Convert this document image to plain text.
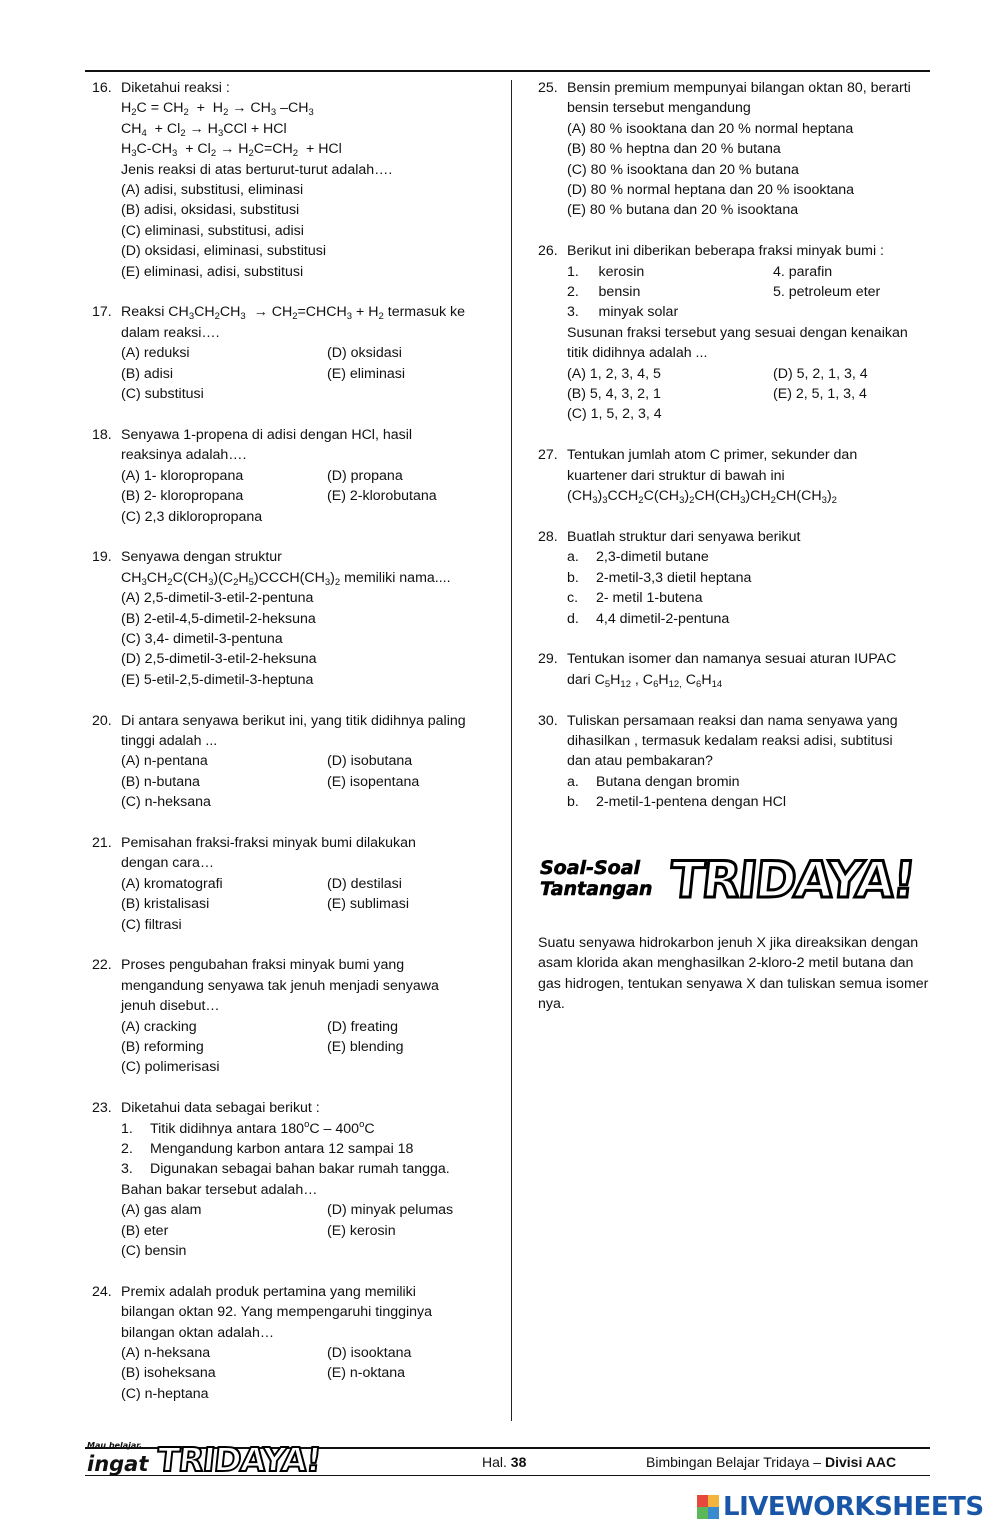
16. Diketahui reaksi :
$H_2C = CH_2 + H_2 \to CH_3$ $-CH_3$
$CH_4 + Cl_2 \to H_3CCl$ + HCl
$H_3C-CH_3 + Cl_2 \to H_2C=CH_2$  + HCl
Jenis reaksi di atas berturut-turut adalah….
(A) adisi, substitusi, eliminasi
(B) adisi, oksidasi, substitusi
(C) eliminasi, substitusi, adisi
(D) oksidasi, eliminasi, substitusi
(E) eliminasi, adisi, substitusi
17. Reaksi $CH_3CH_2CH_3$  → $CH_2=CHCH_3 + H_2$ termasuk ke
dalam reaksi….
(A) reduksi	(D) oksidasi
(B) adisi	(E) eliminasi
(C) substitusi
18. Senyawa 1-propena di adisi dengan HCl, hasil
reaksinya adalah….
(A) 1- kloropropana	(D) propana
(B) 2- kloropropana	(E) 2-klorobutana
(C) 2,3 dikloropropana
19. Senyawa dengan struktur
$CH_3CH_2C(CH_3)(C_2H_5)CCCH(CH_3)_2$ memiliki nama....
(A) 2,5-dimetil-3-etil-2-pentuna
(B) 2-etil-4,5-dimetil-2-heksuna
(C) 3,4- dimetil-3-pentuna
(D) 2,5-dimetil-3-etil-2-heksuna
(E) 5-etil-2,5-dimetil-3-heptuna
20. Di antara senyawa berikut ini, yang titik didihnya paling
tinggi adalah ...
(A) n-pentana	(D) isobutana
(B) n-butana	(E) isopentana
(C) n-heksana
21. Pemisahan fraksi-fraksi minyak bumi dilakukan
dengan cara…
(A) kromatografi	(D) destilasi
(B) kristalisasi	(E) sublimasi
(C) filtrasi
22. Proses pengubahan fraksi minyak bumi yang
mengandung senyawa tak jenuh menjadi senyawa
jenuh disebut…
(A) cracking	(D) freating
(B) reforming	(E) blending
(C) polimerisasi
23. Diketahui data sebagai berikut :
1.	Titik didihnya antara 180$^o$C – 400$^o$C
2.	Mengandung karbon antara 12 sampai 18
3.	Digunakan sebagai bahan bakar rumah tangga.
Bahan bakar tersebut adalah…
(A) gas alam	(D) minyak pelumas
(B) eter	(E) kerosin
(C) bensin
24. Premix adalah produk pertamina yang memiliki
bilangan oktan 92. Yang mempengaruhi tingginya
bilangan oktan adalah…
(A) n-heksana	(D) isooktana
(B) isoheksana	(E) n-oktana
(C) n-heptana
25. Bensin premium mempunyai bilangan oktan 80, berarti
bensin tersebut mengandung
(A) 80 % isooktana dan 20 % normal heptana
(B) 80 % heptna dan 20 % butana
(C) 80 % isooktana dan 20 % butana
(D) 80 % normal heptana dan 20 % isooktana
(E) 80 % butana dan 20 % isooktana
26. Berikut ini diberikan beberapa fraksi minyak bumi :
1.     kerosin	4. parafin
2.     bensin	5. petroleum eter
3.     minyak solar
Susunan fraksi tersebut yang sesuai dengan kenaikan
titik didihnya adalah ...
(A) 1, 2, 3, 4, 5	(D) 5, 2, 1, 3, 4
(B) 5, 4, 3, 2, 1	(E) 2, 5, 1, 3, 4
(C) 1, 5, 2, 3, 4
27. Tentukan jumlah atom C primer, sekunder dan
kuartener dari struktur di bawah ini
$(CH_3)_3CCH_2C(CH_3)_2CH(CH_3)CH_2CH(CH_3)_2$
28. Buatlah struktur dari senyawa berikut
a.	2,3-dimetil butane
b.	2-metil-3,3 dietil heptana
c.	2- metil 1-butena
d.	4,4 dimetil-2-pentuna
29. Tentukan isomer dan namanya sesuai aturan IUPAC
dari $C_5H_{12}$ , $C_6H_{12,}$ $C_6H_{14}$
30. Tuliskan persamaan reaksi dan nama senyawa yang
dihasilkan , termasuk kedalam reaksi adisi, subtitusi
dan atau pembakaran?
a.	Butana dengan bromin
b.	2-metil-1-pentena dengan HCl
Soal-Soal
Tantangan TRIDAYA!
Suatu senyawa hidrokarbon jenuh X jika direaksikan dengan asam klorida akan menghasilkan 2-kloro-2 metil butana dan gas hidrogen, tentukan senyawa X dan tuliskan semua isomer nya.
Mau belajar,
ingat TRIDAYA!	Hal. 38	Bimbingan Belajar Tridaya – Divisi AAC
LIVEWORKSHEETS
